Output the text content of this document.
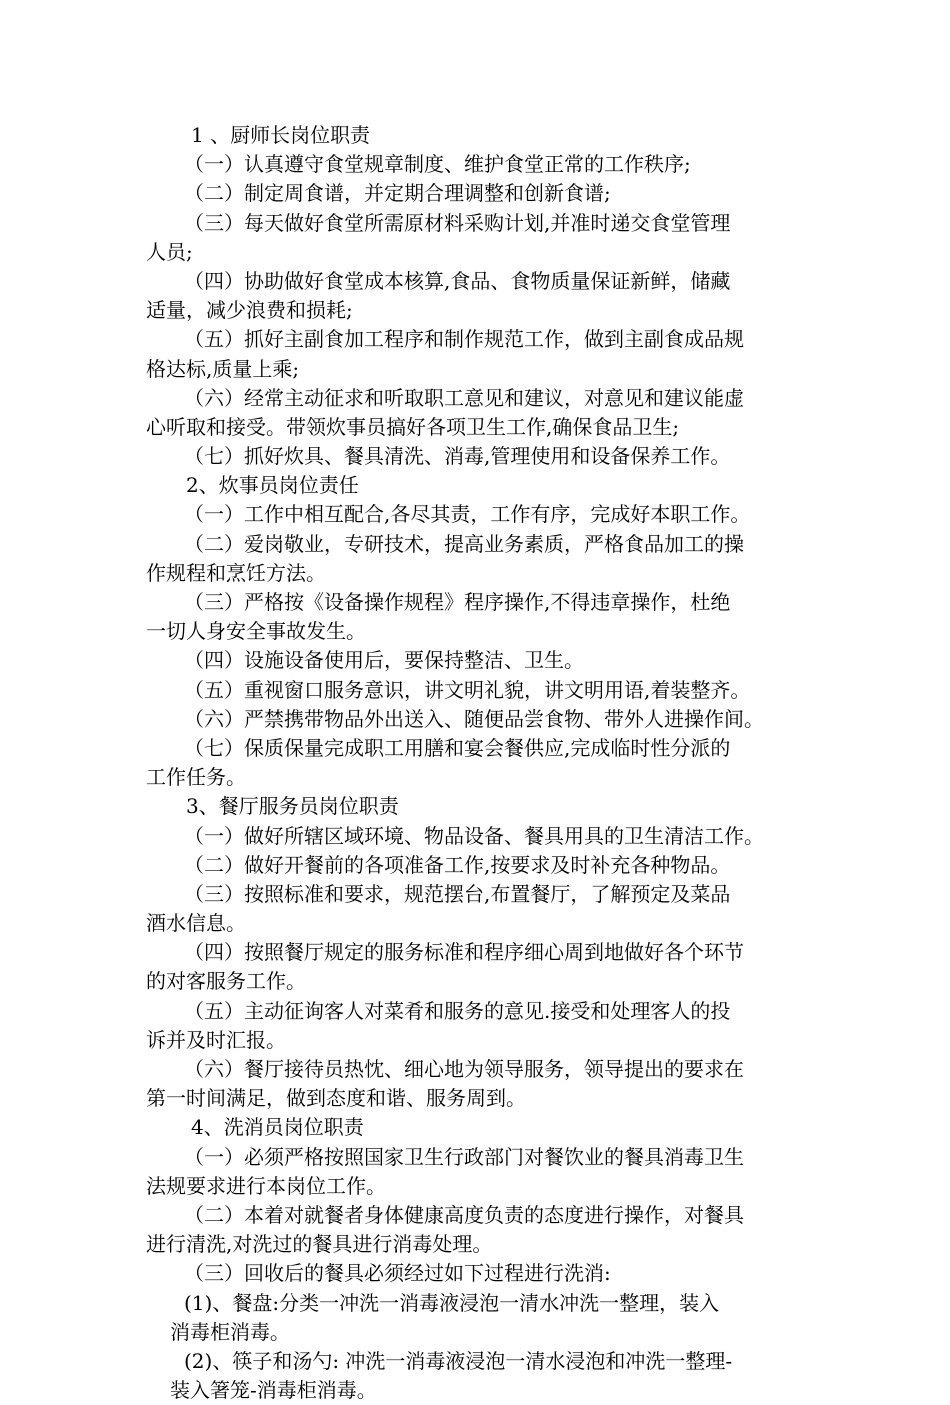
1 、厨师长岗位职责
（一）认真遵守食堂规章制度、维护食堂正常的工作秩序;
（二）制定周食谱，并定期合理调整和创新食谱;
（三）每天做好食堂所需原材料采购计划,并准时递交食堂管理
人员;
（四）协助做好食堂成本核算,食品、食物质量保证新鲜，储藏
适量，减少浪费和损耗;
（五）抓好主副食加工程序和制作规范工作，做到主副食成品规
格达标,质量上乘;
（六）经常主动征求和听取职工意见和建议，对意见和建议能虚
心听取和接受。带领炊事员搞好各项卫生工作,确保食品卫生;
（七）抓好炊具、餐具清洗、消毒,管理使用和设备保养工作。
2、炊事员岗位责任
（一）工作中相互配合,各尽其责，工作有序，完成好本职工作。
（二）爱岗敬业，专研技术，提高业务素质，严格食品加工的操
作规程和烹饪方法。
（三）严格按《设备操作规程》程序操作,不得违章操作，杜绝
一切人身安全事故发生。
（四）设施设备使用后，要保持整洁、卫生。
（五）重视窗口服务意识，讲文明礼貌，讲文明用语,着装整齐。
（六）严禁携带物品外出送入、随便品尝食物、带外人进操作间。
（七）保质保量完成职工用膳和宴会餐供应,完成临时性分派的
工作任务。
3、餐厅服务员岗位职责
（一）做好所辖区域环境、物品设备、餐具用具的卫生清洁工作。
（二）做好开餐前的各项准备工作,按要求及时补充各种物品。
（三）按照标准和要求，规范摆台,布置餐厅，了解预定及菜品
酒水信息。
（四）按照餐厅规定的服务标准和程序细心周到地做好各个环节
的对客服务工作。
（五）主动征询客人对菜肴和服务的意见.接受和处理客人的投
诉并及时汇报。
（六）餐厅接待员热忱、细心地为领导服务，领导提出的要求在
第一时间满足，做到态度和谐、服务周到。
4、洗消员岗位职责
（一）必须严格按照国家卫生行政部门对餐饮业的餐具消毒卫生
法规要求进行本岗位工作。
（二）本着对就餐者身体健康高度负责的态度进行操作，对餐具
进行清洗,对洗过的餐具进行消毒处理。
（三）回收后的餐具必须经过如下过程进行洗消:
(1)、餐盘:分类一冲洗一消毒液浸泡一清水冲洗一整理，装入
消毒柜消毒。
(2)、筷子和汤勺: 冲洗一消毒液浸泡一清水浸泡和冲洗一整理-
装入箸笼-消毒柜消毒。
